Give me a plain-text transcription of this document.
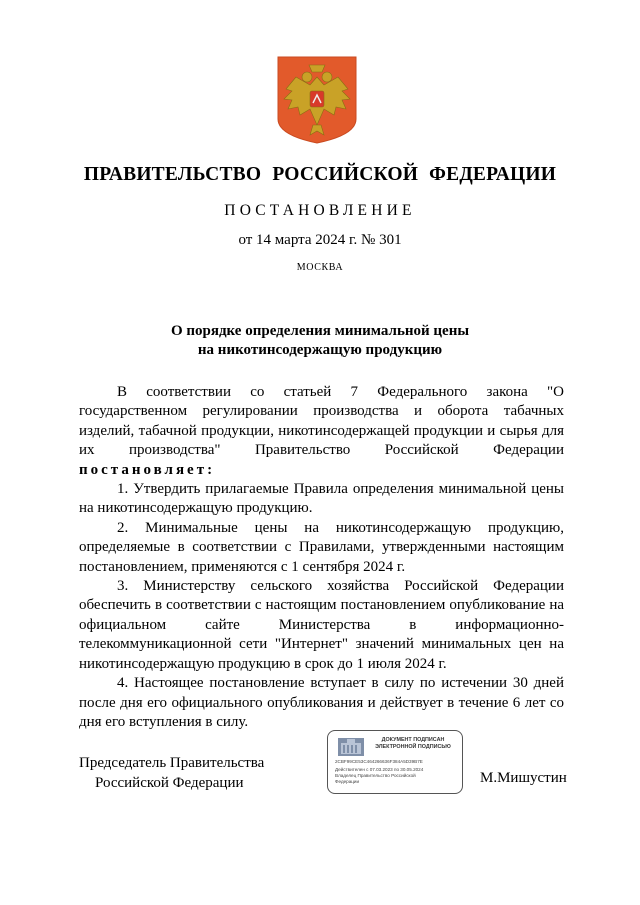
ПРАВИТЕЛЬСТВО РОССИЙСКОЙ ФЕДЕРАЦИИ
ПОСТАНОВЛЕНИЕ
от 14 марта 2024 г. № 301
МОСКВА
О порядке определения минимальной цены
на никотинсодержащую продукцию

В соответствии со статьей 7 Федерального закона "О государственном регулировании производства и оборота табачных изделий, табачной продукции, никотинсодержащей продукции и сырья для их производства" Правительство Российской Федерации постановляет:

1. Утвердить прилагаемые Правила определения минимальной цены на никотинсодержащую продукцию.

2. Минимальные цены на никотинсодержащую продукцию, определяемые в соответствии с Правилами, утвержденными настоящим постановлением, применяются с 1 сентября 2024 г.

3. Министерству сельского хозяйства Российской Федерации обеспечить в соответствии с настоящим постановлением опубликование на официальном сайте Министерства в информационно-телекоммуникационной сети "Интернет" значений минимальных цен на никотинсодержащую продукцию в срок до 1 июля 2024 г.

4. Настоящее постановление вступает в силу по истечении 30 дней после дня его официального опубликования и действует в течение 6 лет со дня его вступления в силу.

Председатель Правительства
Российской Федерации
ДОКУМЕНТ ПОДПИСАН
ЭЛЕКТРОННОЙ ПОДПИСЬЮ
2CBF99CE53C464266636F384A5D39B7E
Действителен с 07.03.2023 по 30.05.2024
Владелец Правительство Российской
Федерации	М.Мишустин
